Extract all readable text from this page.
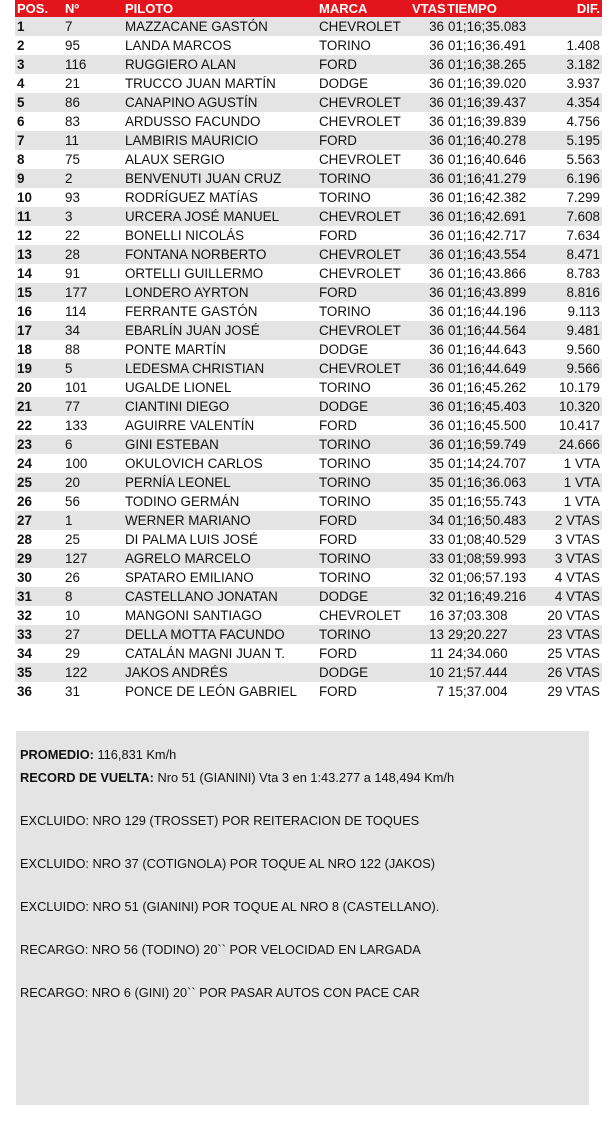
POS.	Nº	PILOTO	MARCA	VTAS	TIEMPO	DIF.
1	7	MAZZACANE GASTÓN	CHEVROLET	36	01;16;35.083	
2	95	LANDA MARCOS	TORINO	36	01;16;36.491	1.408
3	116	RUGGIERO ALAN	FORD	36	01;16;38.265	3.182
4	21	TRUCCO JUAN MARTÍN	DODGE	36	01;16;39.020	3.937
5	86	CANAPINO AGUSTÍN	CHEVROLET	36	01;16;39.437	4.354
6	83	ARDUSSO FACUNDO	CHEVROLET	36	01;16;39.839	4.756
7	11	LAMBIRIS MAURICIO	FORD	36	01;16;40.278	5.195
8	75	ALAUX SERGIO	CHEVROLET	36	01;16;40.646	5.563
9	2	BENVENUTI JUAN CRUZ	TORINO	36	01;16;41.279	6.196
10	93	RODRÍGUEZ MATÍAS	TORINO	36	01;16;42.382	7.299
11	3	URCERA JOSÉ MANUEL	CHEVROLET	36	01;16;42.691	7.608
12	22	BONELLI NICOLÁS	FORD	36	01;16;42.717	7.634
13	28	FONTANA NORBERTO	CHEVROLET	36	01;16;43.554	8.471
14	91	ORTELLI GUILLERMO	CHEVROLET	36	01;16;43.866	8.783
15	177	LONDERO AYRTON	FORD	36	01;16;43.899	8.816
16	114	FERRANTE GASTÓN	TORINO	36	01;16;44.196	9.113
17	34	EBARLÍN JUAN JOSÉ	CHEVROLET	36	01;16;44.564	9.481
18	88	PONTE MARTÍN	DODGE	36	01;16;44.643	9.560
19	5	LEDESMA CHRISTIAN	CHEVROLET	36	01;16;44.649	9.566
20	101	UGALDE LIONEL	TORINO	36	01;16;45.262	10.179
21	77	CIANTINI DIEGO	DODGE	36	01;16;45.403	10.320
22	133	AGUIRRE VALENTÍN	FORD	36	01;16;45.500	10.417
23	6	GINI ESTEBAN	TORINO	36	01;16;59.749	24.666
24	100	OKULOVICH CARLOS	TORINO	35	01;14;24.707	1 VTA
25	20	PERNÍA LEONEL	TORINO	35	01;16;36.063	1 VTA
26	56	TODINO GERMÁN	TORINO	35	01;16;55.743	1 VTA
27	1	WERNER MARIANO	FORD	34	01;16;50.483	2 VTAS
28	25	DI PALMA LUIS JOSÉ	FORD	33	01;08;40.529	3 VTAS
29	127	AGRELO MARCELO	TORINO	33	01;08;59.993	3 VTAS
30	26	SPATARO EMILIANO	TORINO	32	01;06;57.193	4 VTAS
31	8	CASTELLANO JONATAN	DODGE	32	01;16;49.216	4 VTAS
32	10	MANGONI SANTIAGO	CHEVROLET	16	37;03.308	20 VTAS
33	27	DELLA MOTTA FACUNDO	TORINO	13	29;20.227	23 VTAS
34	29	CATALÁN MAGNI JUAN T.	FORD	11	24;34.060	25 VTAS
35	122	JAKOS ANDRÉS	DODGE	10	21;57.444	26 VTAS
36	31	PONCE DE LEÓN GABRIEL	FORD	7	15;37.004	29 VTAS

PROMEDIO: 116,831 Km/h

RECORD DE VUELTA: Nro 51 (GIANINI) Vta 3 en 1:43.277 a 148,494 Km/h

EXCLUIDO: NRO 129 (TROSSET) POR REITERACION DE TOQUES

EXCLUIDO: NRO 37 (COTIGNOLA) POR TOQUE AL NRO 122 (JAKOS)

EXCLUIDO: NRO 51 (GIANINI) POR TOQUE AL NRO 8 (CASTELLANO).

RECARGO: NRO 56 (TODINO) 20`` POR VELOCIDAD EN LARGADA

RECARGO: NRO 6 (GINI) 20`` POR PASAR AUTOS CON PACE CAR
